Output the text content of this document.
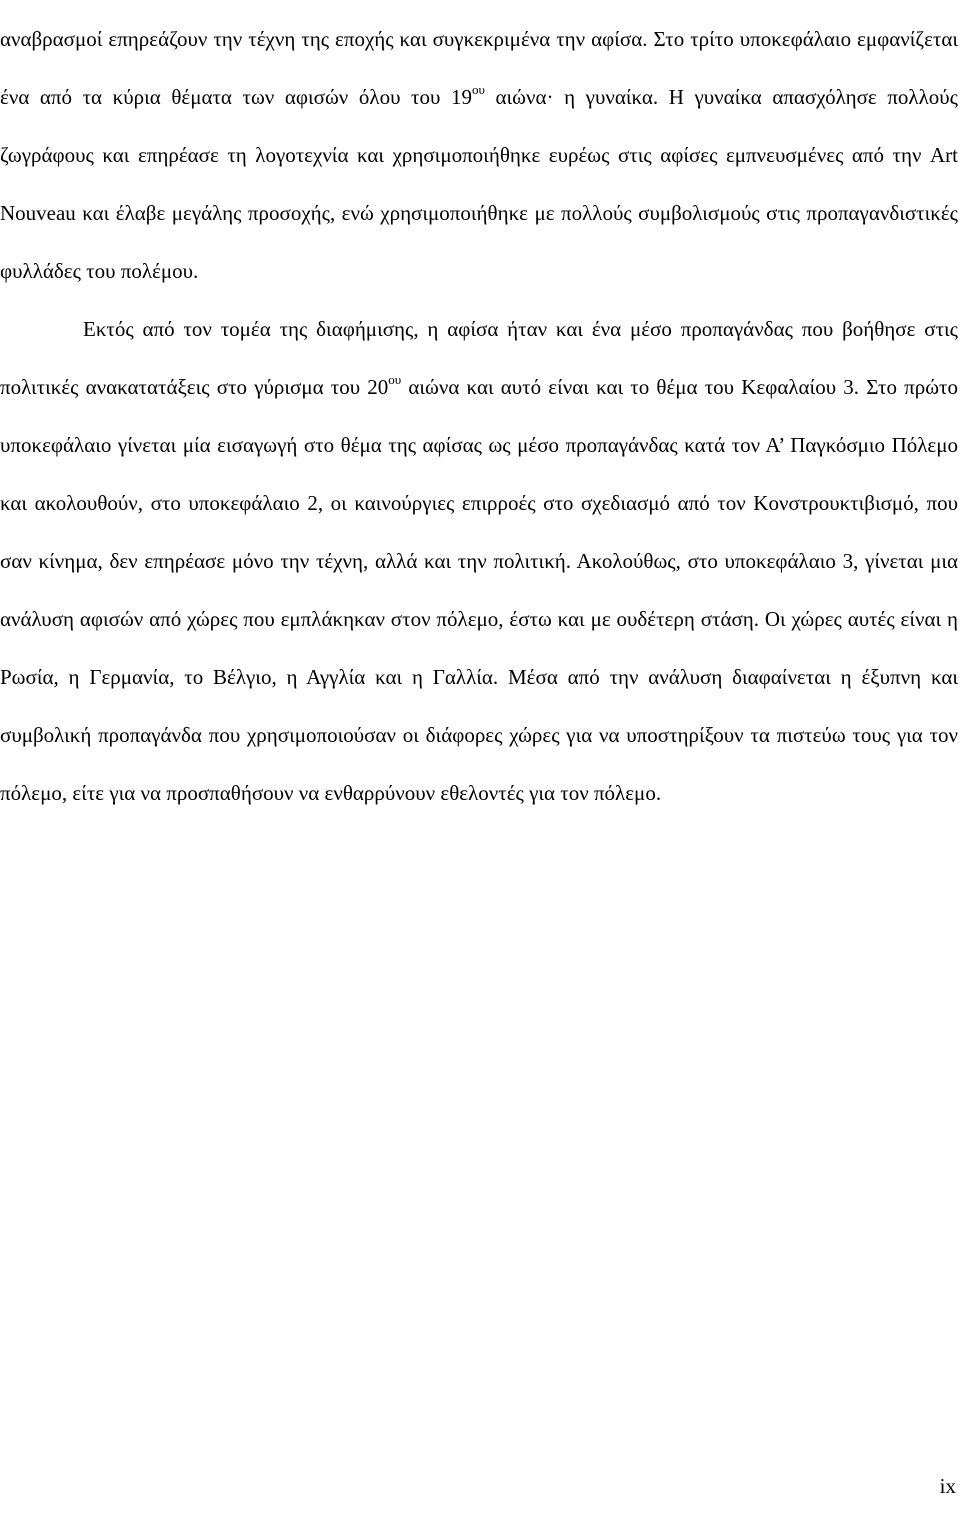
αναβρασμοί επηρεάζουν την τέχνη της εποχής και συγκεκριμένα την αφίσα. Στο τρίτο υποκεφάλαιο εμφανίζεται ένα από τα κύρια θέματα των αφισών όλου του $19^{o\upsilon}$ αιώνα· η γυναίκα. Η γυναίκα απασχόλησε πολλούς ζωγράφους και επηρέασε τη λογοτεχνία και χρησιμοποιήθηκε ευρέως στις αφίσες εμπνευσμένες από την Art Nouveau και έλαβε μεγάλης προσοχής, ενώ χρησιμοποιήθηκε με πολλούς συμβολισμούς στις προπαγανδιστικές φυλλάδες του πολέμου.

Εκτός από τον τομέα της διαφήμισης, η αφίσα ήταν και ένα μέσο προπαγάνδας που βοήθησε στις πολιτικές ανακατατάξεις στο γύρισμα του $20^{o\upsilon}$ αιώνα και αυτό είναι και το θέμα του Κεφαλαίου 3. Στο πρώτο υποκεφάλαιο γίνεται μία εισαγωγή στο θέμα της αφίσας ως μέσο προπαγάνδας κατά τον Α’ Παγκόσμιο Πόλεμο και ακολουθούν, στο υποκεφάλαιο 2, οι καινούργιες επιρροές στο σχεδιασμό από τον Κονστρουκτιβισμό, που σαν κίνημα, δεν επηρέασε μόνο την τέχνη, αλλά και την πολιτική. Ακολούθως, στο υποκεφάλαιο 3, γίνεται μια ανάλυση αφισών από χώρες που εμπλάκηκαν στον πόλεμο, έστω και με ουδέτερη στάση. Οι χώρες αυτές είναι η Ρωσία, η Γερμανία, το Βέλγιο, η Αγγλία και η Γαλλία. Μέσα από την ανάλυση διαφαίνεται η έξυπνη και συμβολική προπαγάνδα που χρησιμοποιούσαν οι διάφορες χώρες για να υποστηρίξουν τα πιστεύω τους για τον πόλεμο, είτε για να προσπαθήσουν να ενθαρρύνουν εθελοντές για τον πόλεμο.

ix
